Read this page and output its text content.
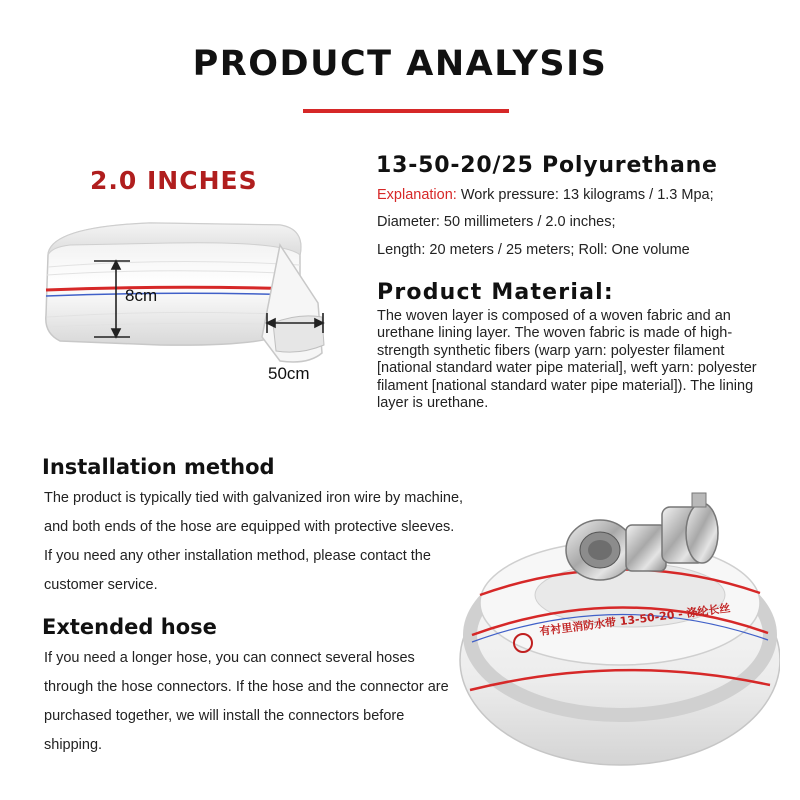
PRODUCT ANALYSIS
2.0 INCHES
8cm
50cm
13-50-20/25 Polyurethane
Explanation: Work pressure: 13 kilograms / 1.3 Mpa;
Diameter: 50 millimeters / 2.0 inches;
Length: 20 meters / 25 meters; Roll: One volume
Product Material:
The woven layer is composed of a woven fabric and an urethane lining layer. The woven fabric is made of high-strength synthetic fibers (warp yarn: polyester filament [national standard water pipe material], weft yarn: polyester filament [national standard water pipe material]). The lining layer is urethane.
Installation method
The product is typically tied with galvanized iron wire by machine, and both ends of the hose are equipped with protective sleeves. If you need any other installation method, please contact the customer service.
Extended hose
If you need a longer hose, you can connect several hoses through the hose connectors. If the hose and the connector are purchased together, we will install the connectors before shipping.
有衬里消防水带 13-50-20 - 涤纶长丝
